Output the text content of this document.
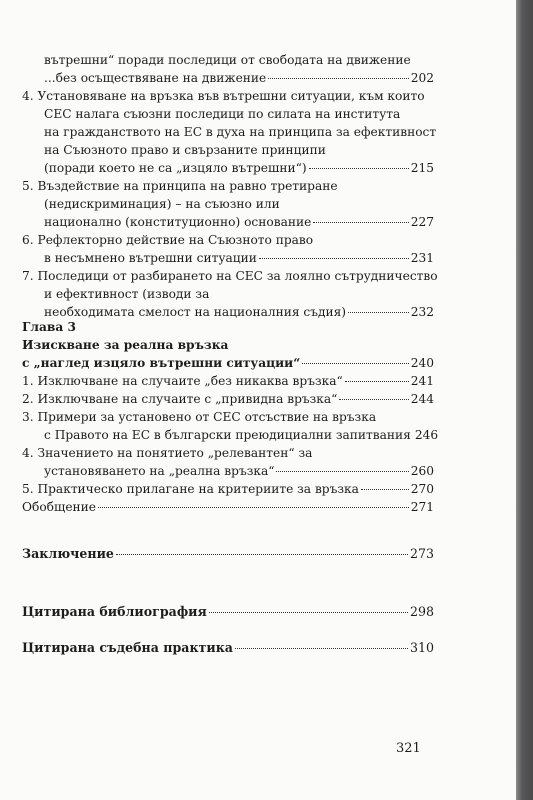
вътрешни“ поради последици от свободата на движение
...без осъществяване на движение	202
4. Установяване на връзка във вътрешни ситуации, към които
СЕС налага съюзни последици по силата на института
на гражданството на ЕС в духа на принципа за ефективност
на Съюзното право и свързаните принципи
(поради което не са „изцяло вътрешни“)	215
5. Въздействие на принципа на равно третиране
(недискриминация) – на съюзно или
национално (конституционно) основание	227
6. Рефлекторно действие на Съюзното право
в несъмнено вътрешни ситуации	231
7. Последици от разбирането на СЕС за лоялно сътрудничество
и ефективност (изводи за
необходимата смелост на националния съдия)	232
Глава 3
Изискване за реална връзка
с „наглед изцяло вътрешни ситуации“	240
1. Изключване на случаите „без никаква връзка“	241
2. Изключване на случаите с „привидна връзка“	244
3. Примери за установено от СЕС отсъствие на връзка
с Правото на ЕС в български преюдициални запитвания 246
4. Значението на понятието „релевантен“ за
установяването на „реална връзка“	260
5. Практическо прилагане на критериите за връзка	270
Обобщение	271
Заключение	273
Цитирана библиография	298
Цитирана съдебна практика	310
321
